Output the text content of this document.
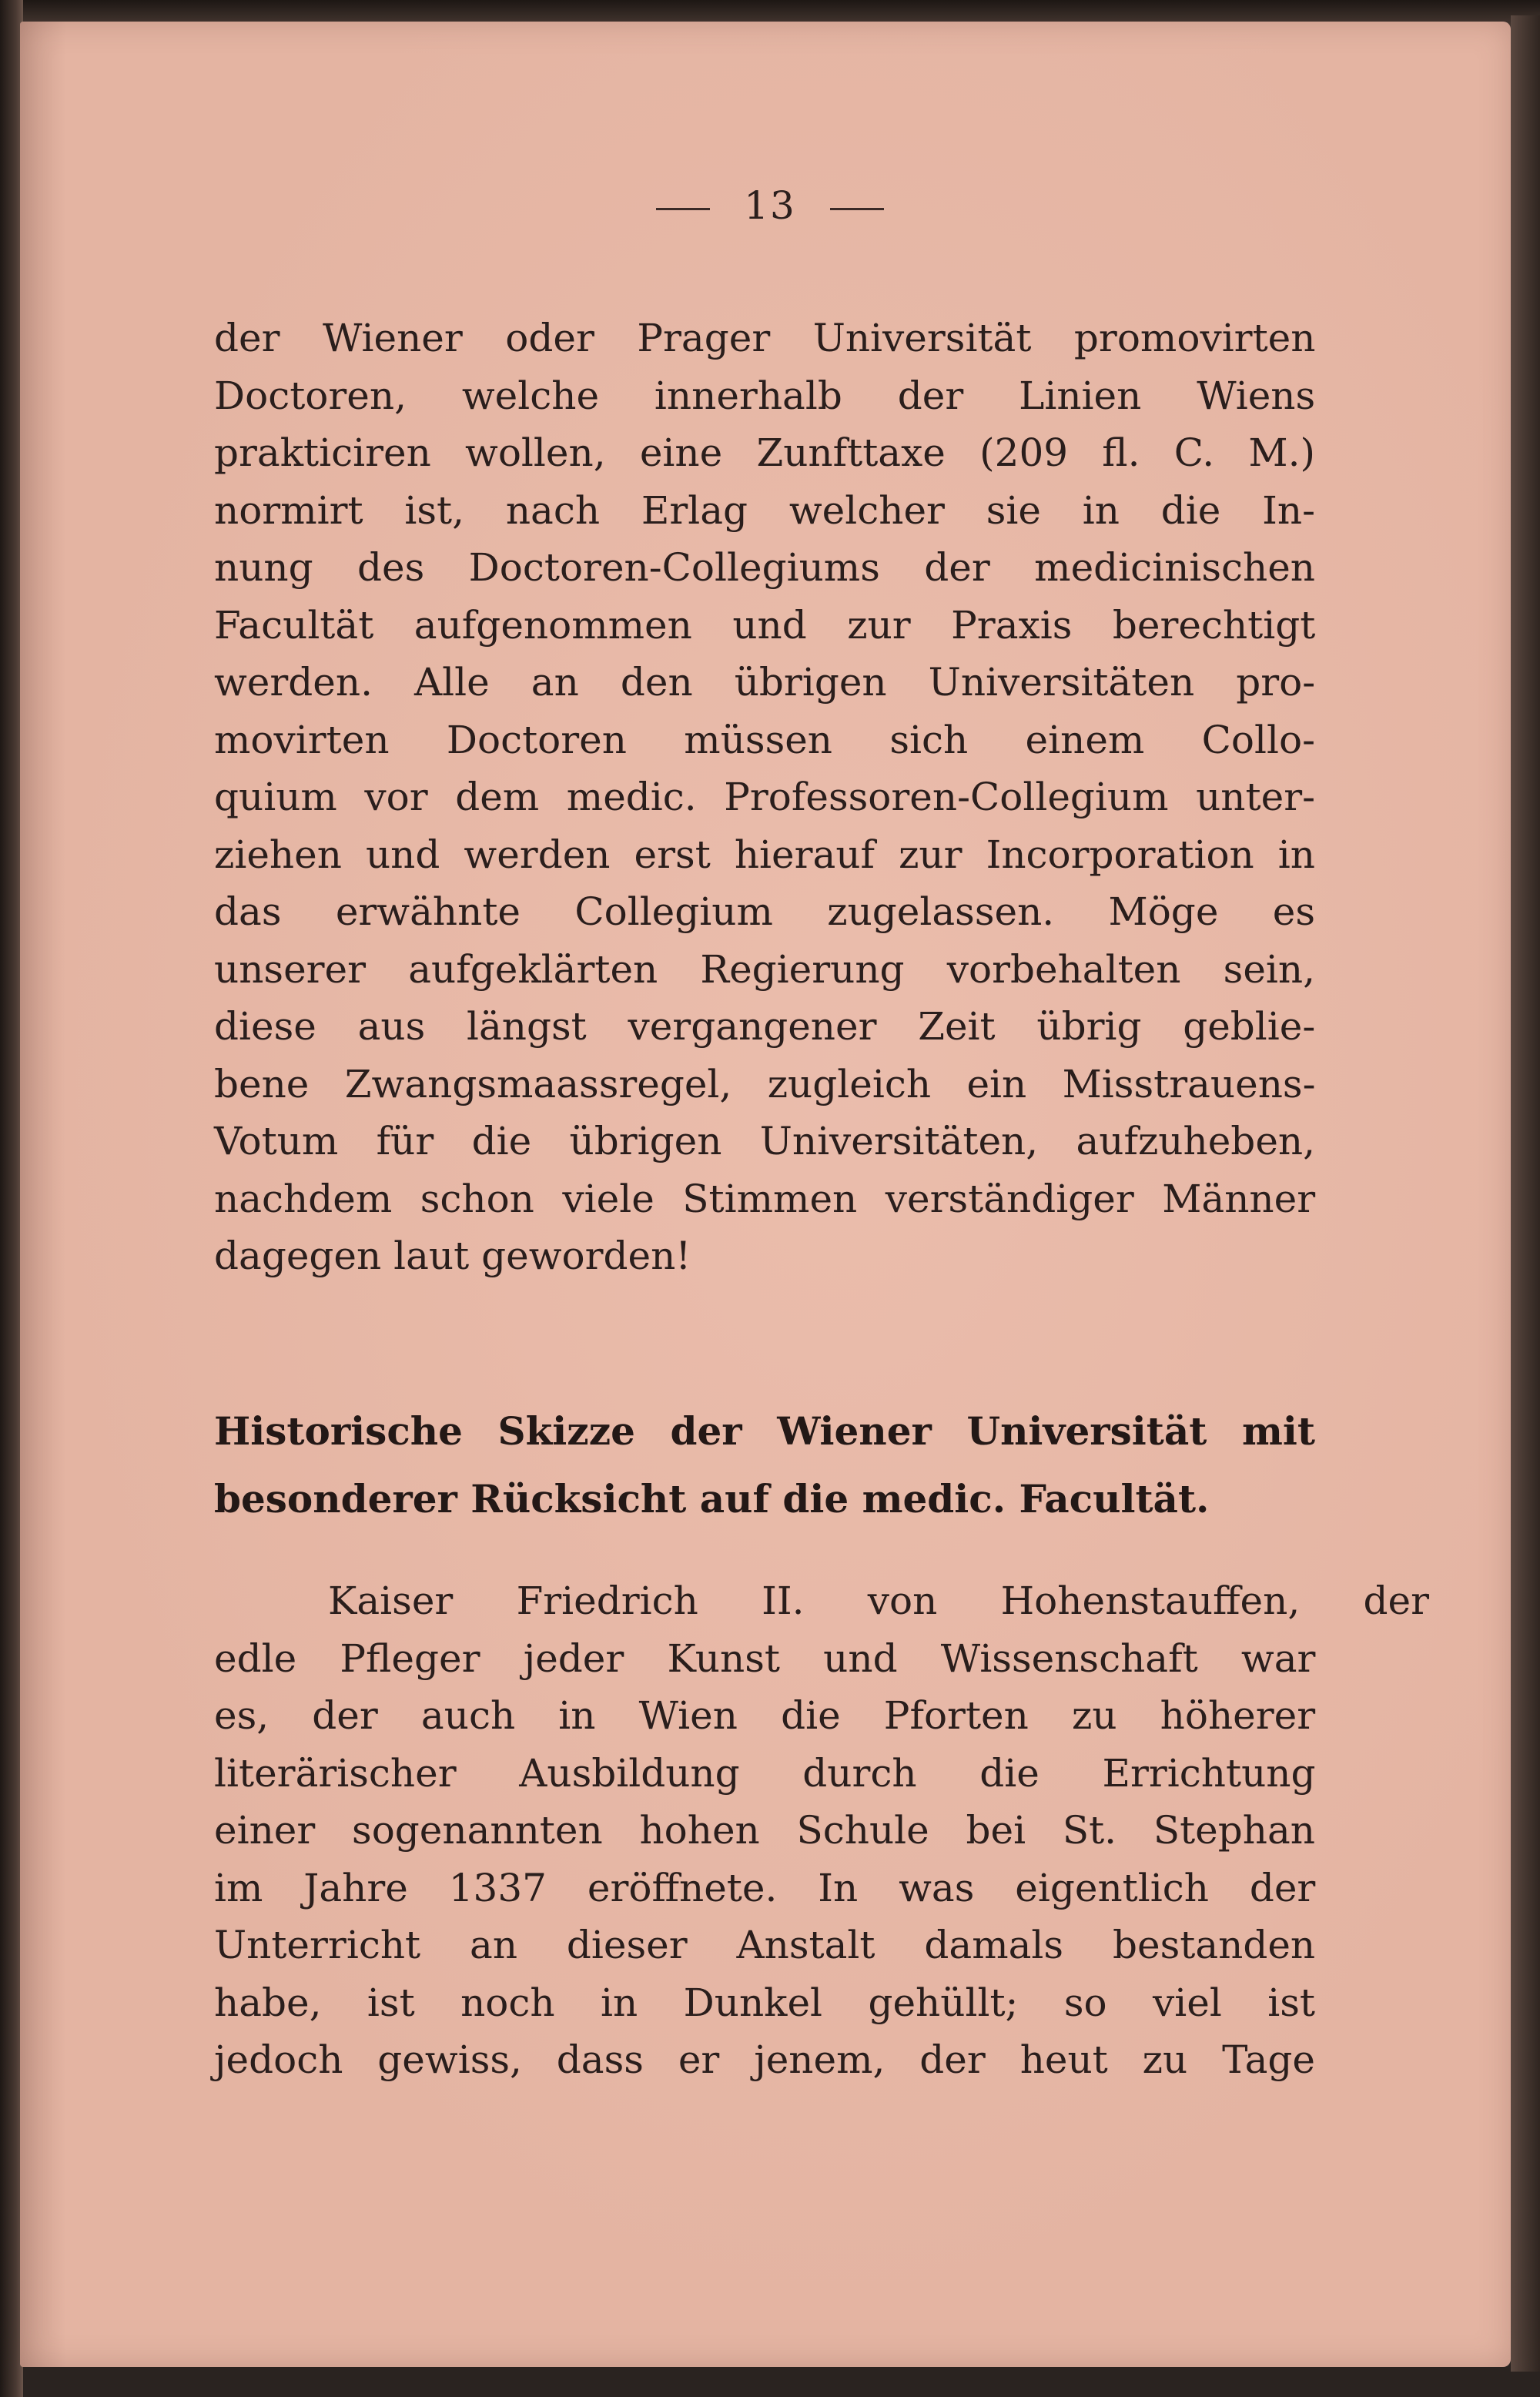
13
der Wiener oder Prager Universität promovirten
Doctoren, welche innerhalb der Linien Wiens
prakticiren wollen, eine Zunfttaxe (209 fl. C. M.)
normirt ist, nach Erlag welcher sie in die In-
nung des Doctoren-Collegiums der medicinischen
Facultät aufgenommen und zur Praxis berechtigt
werden. Alle an den übrigen Universitäten pro-
movirten Doctoren müssen sich einem Collo-
quium vor dem medic. Professoren-Collegium unter-
ziehen und werden erst hierauf zur Incorporation in
das erwähnte Collegium zugelassen. Möge es
unserer aufgeklärten Regierung vorbehalten sein,
diese aus längst vergangener Zeit übrig geblie-
bene Zwangsmaassregel, zugleich ein Misstrauens-
Votum für die übrigen Universitäten, aufzuheben,
nachdem schon viele Stimmen verständiger Männer
dagegen laut geworden!
Historische Skizze der Wiener Universität mit
besonderer Rücksicht auf die medic. Facultät.
Kaiser Friedrich II. von Hohenstauffen, der
edle Pfleger jeder Kunst und Wissenschaft war
es, der auch in Wien die Pforten zu höherer
literärischer Ausbildung durch die Errichtung
einer sogenannten hohen Schule bei St. Stephan
im Jahre 1337 eröffnete. In was eigentlich der
Unterricht an dieser Anstalt damals bestanden
habe, ist noch in Dunkel gehüllt; so viel ist
jedoch gewiss, dass er jenem, der heut zu Tage
